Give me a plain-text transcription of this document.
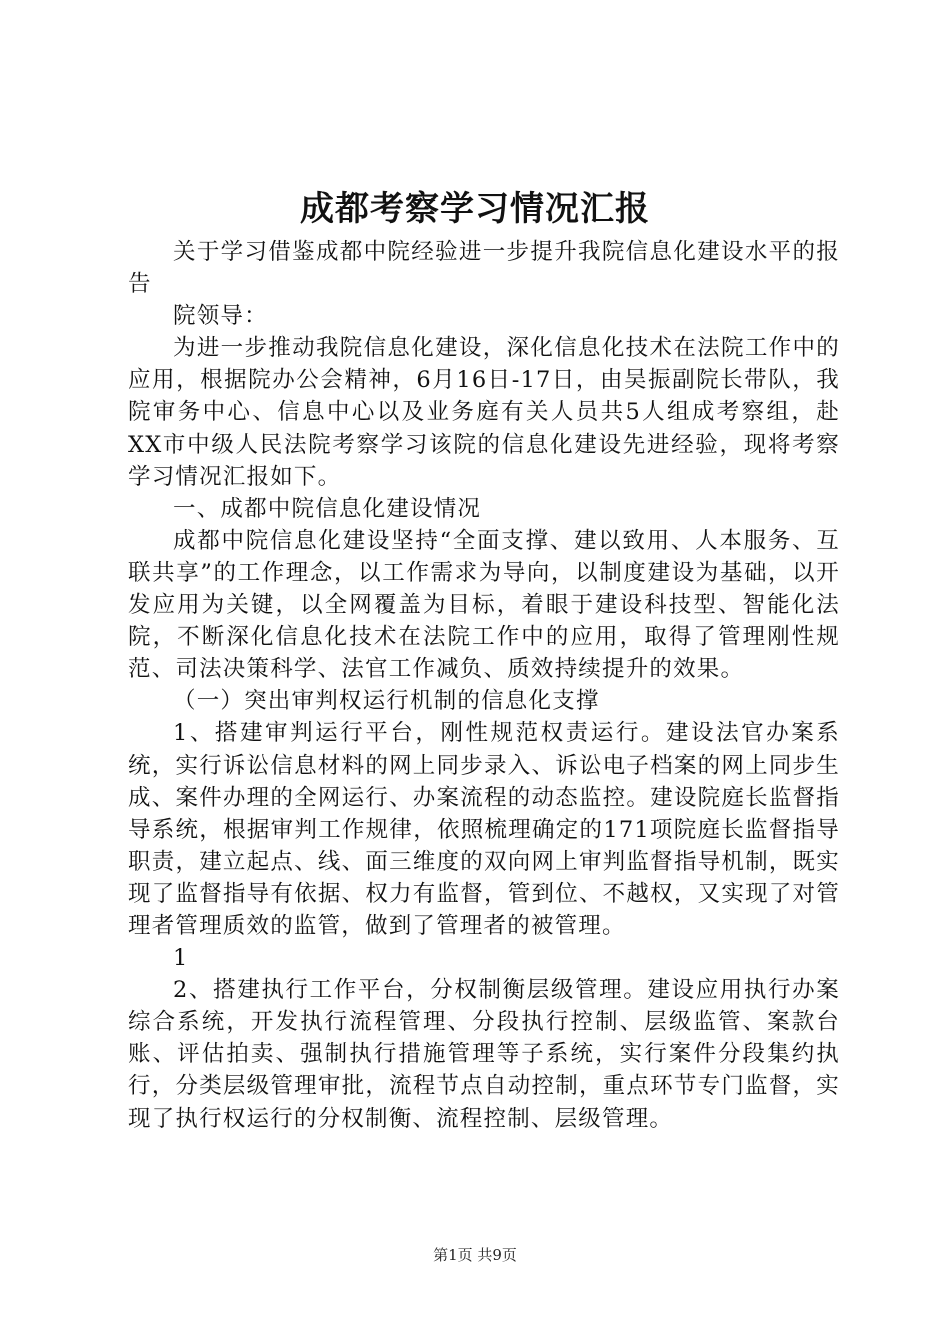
成都考察学习情况汇报

关于学习借鉴成都中院经验进一步提升我院信息化建设水平的报告

院领导：

为进一步推动我院信息化建设，深化信息化技术在法院工作中的应用，根据院办公会精神，6月16日-17日，由吴振副院长带队，我院审务中心、信息中心以及业务庭有关人员共5人组成考察组，赴XX市中级人民法院考察学习该院的信息化建设先进经验，现将考察学习情况汇报如下。

一、成都中院信息化建设情况

成都中院信息化建设坚持“全面支撑、建以致用、人本服务、互联共享”的工作理念，以工作需求为导向，以制度建设为基础，以开发应用为关键，以全网覆盖为目标，着眼于建设科技型、智能化法院，不断深化信息化技术在法院工作中的应用，取得了管理刚性规范、司法决策科学、法官工作减负、质效持续提升的效果。

（一）突出审判权运行机制的信息化支撑

1、搭建审判运行平台，刚性规范权责运行。建设法官办案系统，实行诉讼信息材料的网上同步录入、诉讼电子档案的网上同步生成、案件办理的全网运行、办案流程的动态监控。建设院庭长监督指导系统，根据审判工作规律，依照梳理确定的171项院庭长监督指导职责，建立起点、线、面三维度的双向网上审判监督指导机制，既实现了监督指导有依据、权力有监督，管到位、不越权，又实现了对管理者管理质效的监管，做到了管理者的被管理。

1

2、搭建执行工作平台，分权制衡层级管理。建设应用执行办案综合系统，开发执行流程管理、分段执行控制、层级监管、案款台账、评估拍卖、强制执行措施管理等子系统，实行案件分段集约执行，分类层级管理审批，流程节点自动控制，重点环节专门监督，实现了执行权运行的分权制衡、流程控制、层级管理。

第1页 共9页
